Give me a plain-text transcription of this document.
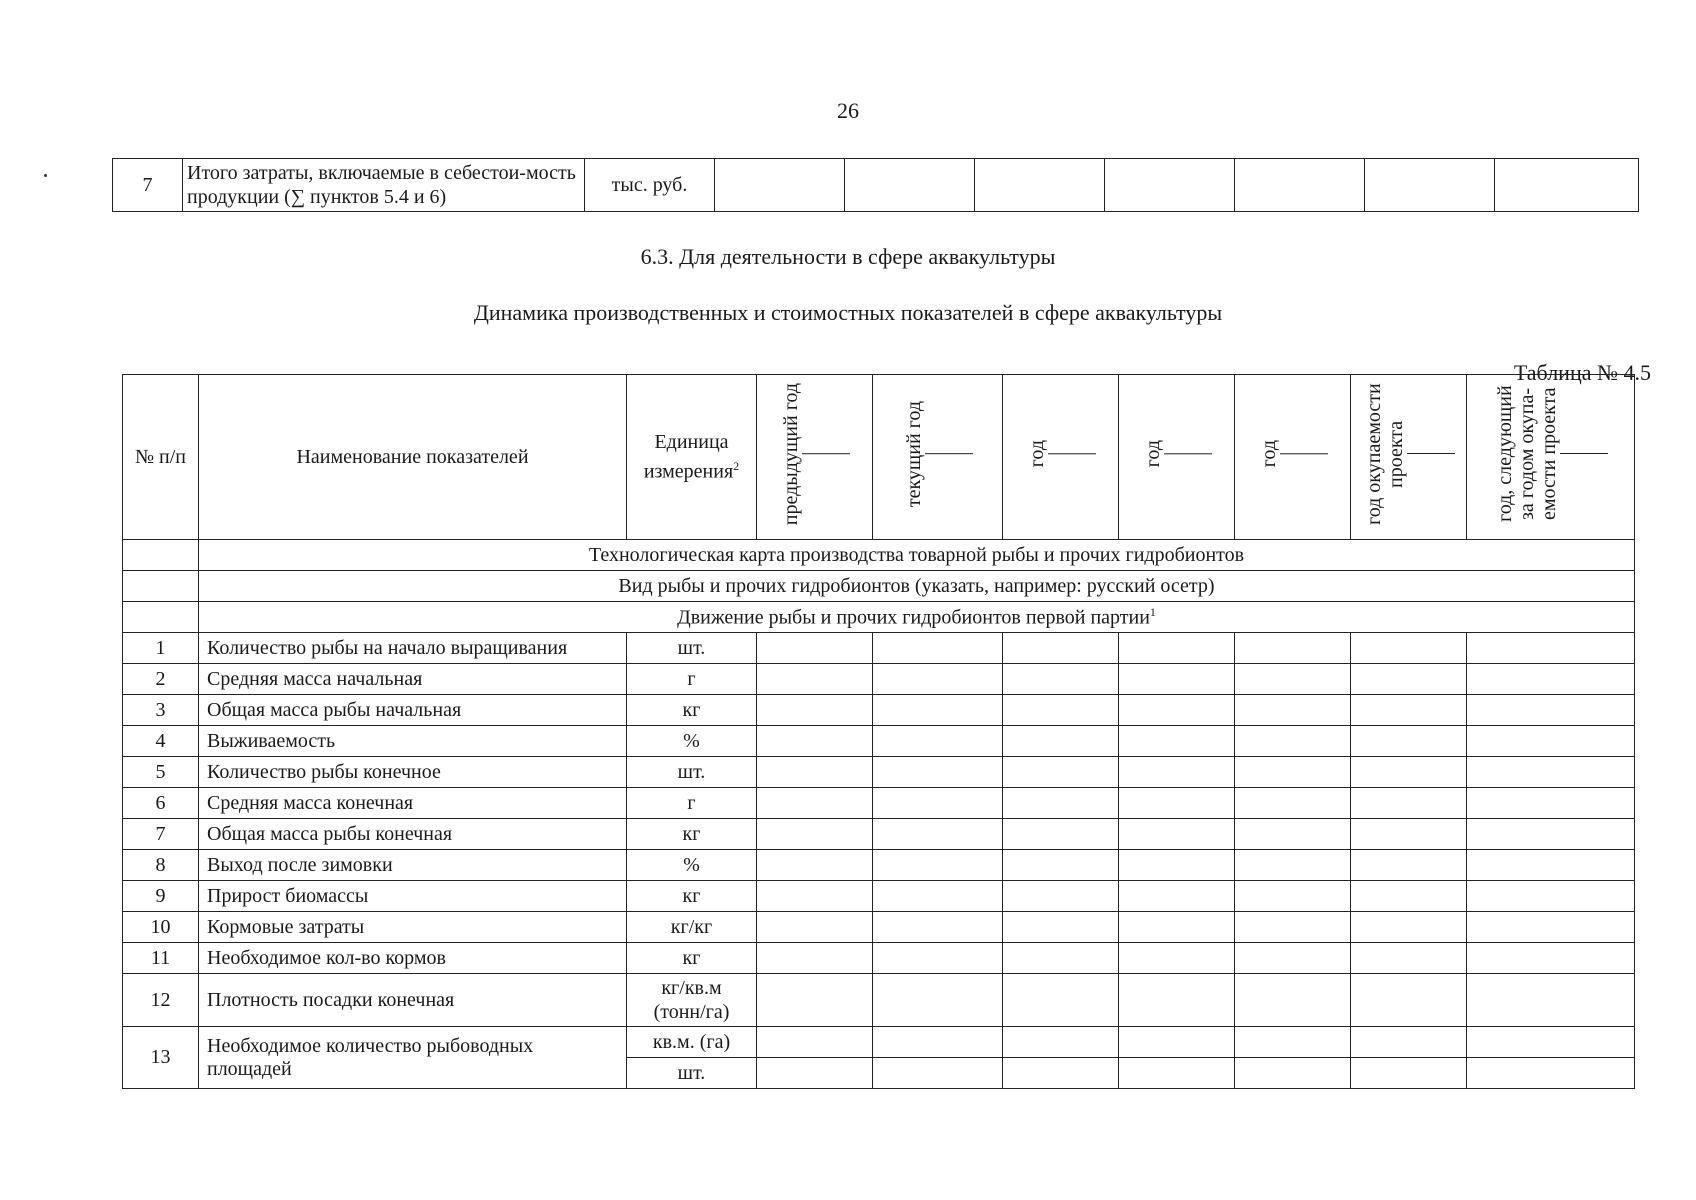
26
7	Итого затраты, включаемые в себестои-мость продукции (∑ пунктов 5.4 и 6)	тыс. руб.							
6.3. Для деятельности в сфере аквакультуры
Динамика производственных и стоимостных показателей в сфере аквакультуры
Таблица № 4.5
№ п/п	Наименование показателей	Единица измерения$^2$	предыдущий год	текущий год	год	год	год	год окупаемости проекта	год, следующий за годом окупа-емости проекта

	Технологическая карта производства товарной рыбы и прочих гидробионтов								
	Вид рыбы и прочих гидробионтов (указать, например: русский осетр)								
	Движение рыбы и прочих гидробионтов первой партии$^1$
1	Количество рыбы на начало выращивания	шт.							
2	Средняя масса начальная	г							
3	Общая масса рыбы начальная	кг							
4	Выживаемость	%							
5	Количество рыбы конечное	шт.							
6	Средняя масса конечная	г							
7	Общая масса рыбы конечная	кг							
8	Выход после зимовки	%							
9	Прирост биомассы	кг							
10	Кормовые затраты	кг/кг							
11	Необходимое кол-во кормов	кг							
12	Плотность посадки конечная	кг/кв.м
(тонн/га)							
13	Необходимое количество рыбоводных площадей	кв.м. (га)							
		шт.							
